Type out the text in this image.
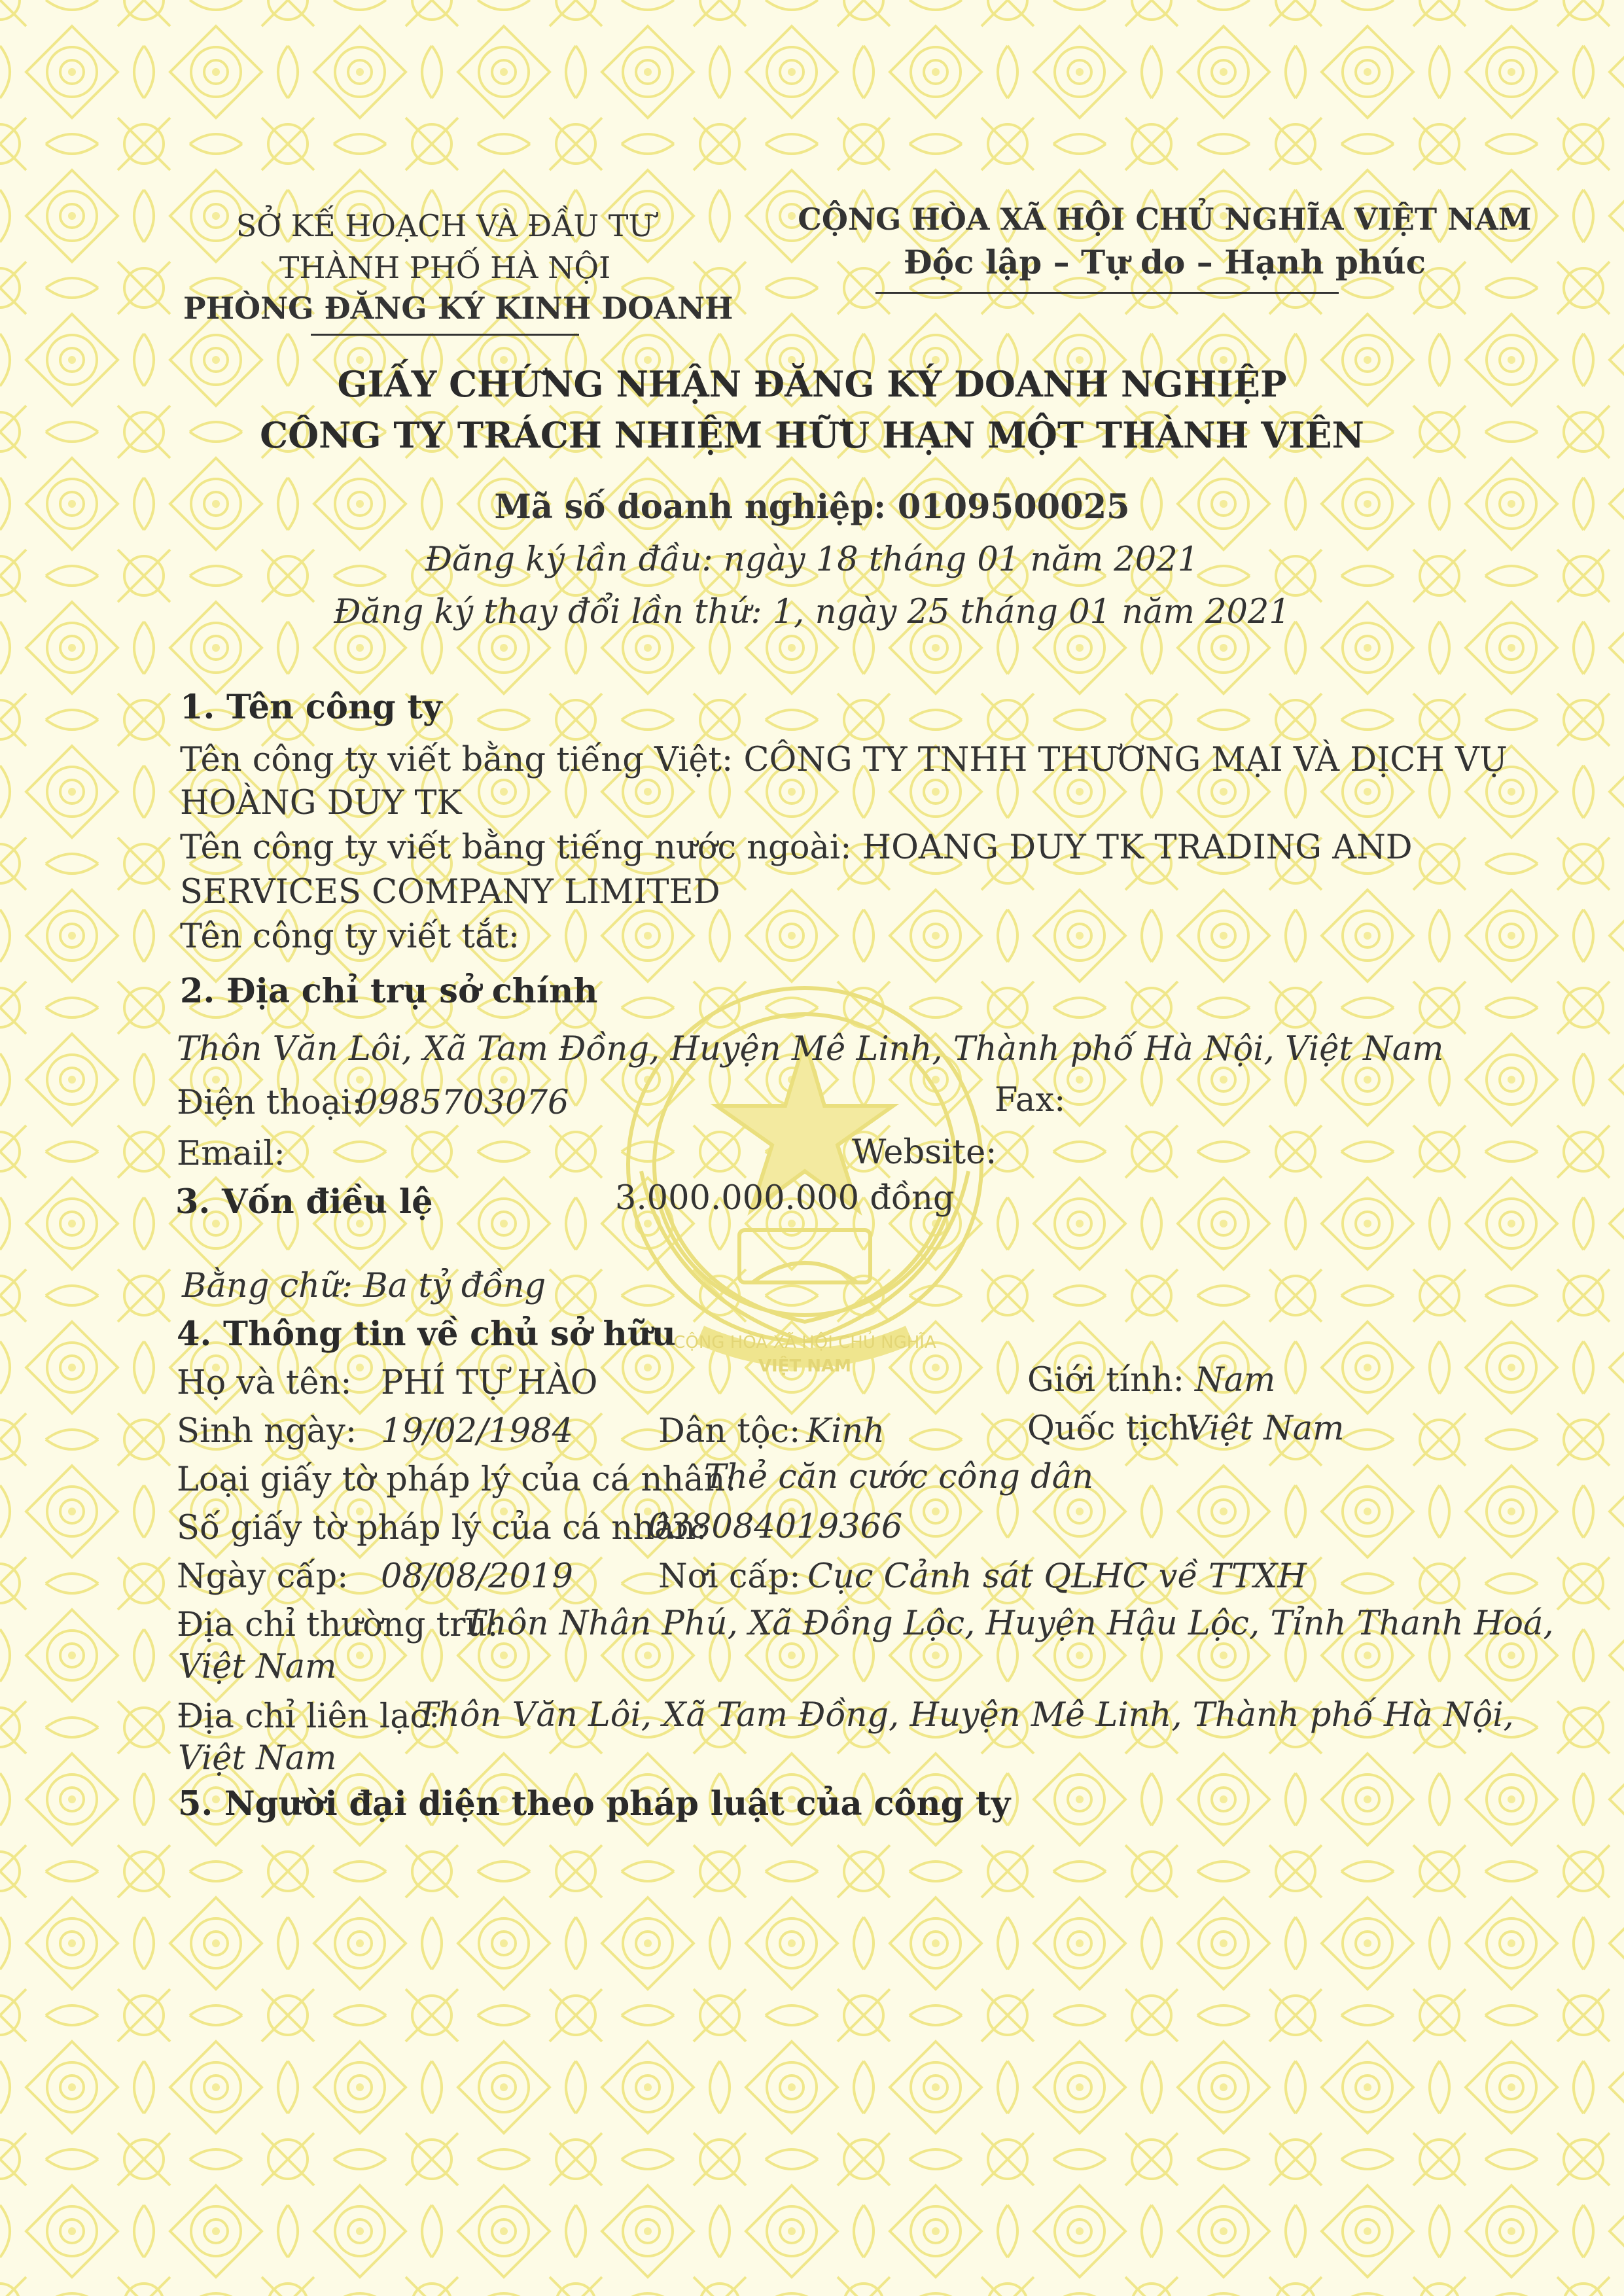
CỘNG HÒA XÃ HỘI CHỦ NGHĨA
VIỆT NAM
SỞ KẾ HOẠCH VÀ ĐẦU TƯ
THÀNH PHỐ HÀ NỘI
PHÒNG ĐĂNG KÝ KINH DOANH
CỘNG HÒA XÃ HỘI CHỦ NGHĨA VIỆT NAM
Độc lập – Tự do – Hạnh phúc
GIẤY CHỨNG NHẬN ĐĂNG KÝ DOANH NGHIỆP
CÔNG TY TRÁCH NHIỆM HỮU HẠN MỘT THÀNH VIÊN
Mã số doanh nghiệp: 0109500025
Đăng ký lần đầu: ngày 18 tháng 01 năm 2021
Đăng ký thay đổi lần thứ: 1, ngày 25 tháng 01 năm 2021
1. Tên công ty
Tên công ty viết bằng tiếng Việt: CÔNG TY TNHH THƯƠNG MẠI VÀ DỊCH VỤ
HOÀNG DUY TK
Tên công ty viết bằng tiếng nước ngoài: HOANG DUY TK TRADING AND
SERVICES COMPANY LIMITED
Tên công ty viết tắt:
2. Địa chỉ trụ sở chính
Thôn Văn Lôi, Xã Tam Đồng, Huyện Mê Linh, Thành phố Hà Nội, Việt Nam
Điện thoại:
0985703076	Fax:
Email:	Website:
3. Vốn điều lệ	3.000.000.000 đồng
Bằng chữ: Ba tỷ đồng
4. Thông tin về chủ sở hữu
Họ và tên: PHÍ TỰ HÀO	Giới tính: Nam
Sinh ngày: 19/02/1984	Dân tộc: Kinh	Quốc tịch:
Việt Nam
Loại giấy tờ pháp lý của cá nhân:
Thẻ căn cước công dân
Số giấy tờ pháp lý của cá nhân:
038084019366
Ngày cấp: 08/08/2019	Nơi cấp: Cục Cảnh sát QLHC về TTXH
Địa chỉ thường trú:
Thôn Nhân Phú, Xã Đồng Lộc, Huyện Hậu Lộc, Tỉnh Thanh Hoá,
Việt Nam
Địa chỉ liên lạc:
Thôn Văn Lôi, Xã Tam Đồng, Huyện Mê Linh, Thành phố Hà Nội,
Việt Nam
5. Người đại diện theo pháp luật của công ty
